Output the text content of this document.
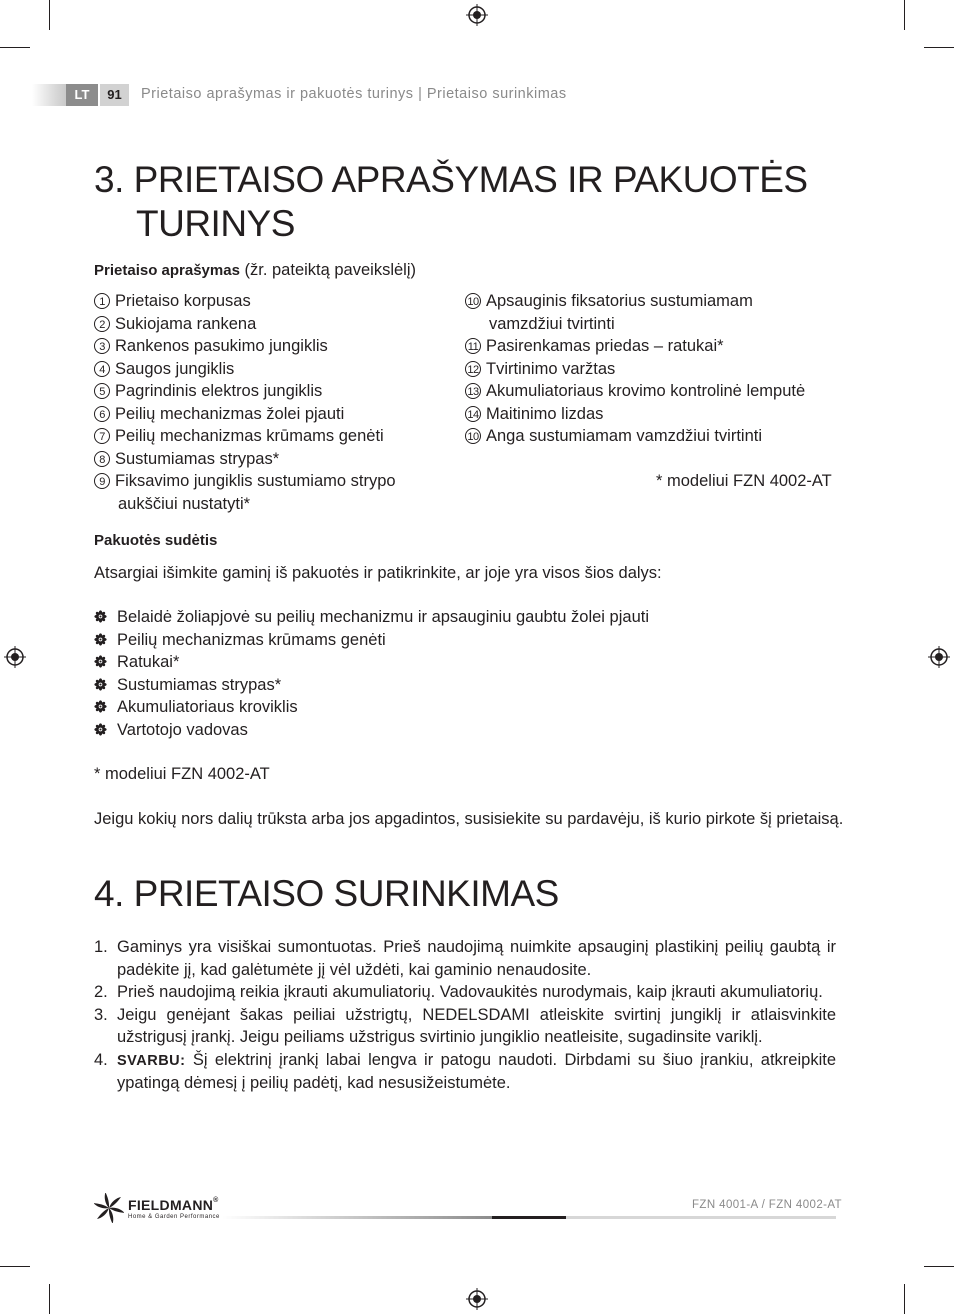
LT	91	Prietaiso aprašymas ir pakuotės turinys | Prietaiso surinkimas
3. PRIETAISO APRAŠYMAS IR PAKUOTĖS
TURINYS
Prietaiso aprašymas (žr. pateiktą paveikslėlį)
1 Prietaiso korpusas
2 Sukiojama rankena
3 Rankenos pasukimo jungiklis
4 Saugos jungiklis
5 Pagrindinis elektros jungiklis
6 Peilių mechanizmas žolei pjauti
7 Peilių mechanizmas krūmams genėti
8 Sustumiamas strypas*
9 Fiksavimo jungiklis sustumiamo strypo
aukščiui nustatyti*
10 Apsauginis fiksatorius sustumiamam
vamzdžiui tvirtinti
11 Pasirenkamas priedas – ratukai*
12 Tvirtinimo varžtas
13 Akumuliatoriaus krovimo kontrolinė lemputė
14 Maitinimo lizdas
10 Anga sustumiamam vamzdžiui tvirtinti
* modeliui FZN 4002-AT
Pakuotės sudėtis
Atsargiai išimkite gaminį iš pakuotės ir patikrinkite, ar joje yra visos šios dalys:
Belaidė žoliapjovė su peilių mechanizmu ir apsauginiu gaubtu žolei pjauti
Peilių mechanizmas krūmams genėti
Ratukai*
Sustumiamas strypas*
Akumuliatoriaus kroviklis
Vartotojo vadovas
* modeliui FZN 4002-AT
Jeigu kokių nors dalių trūksta arba jos apgadintos, susisiekite su pardavėju, iš kurio pirkote šį prietaisą.
4. PRIETAISO SURINKIMAS
1. Gaminys yra visiškai sumontuotas. Prieš naudojimą nuimkite apsauginį plastikinį peilių gaubtą ir padėkite jį, kad galėtumėte jį vėl uždėti, kai gaminio nenaudosite.
2. Prieš naudojimą reikia įkrauti akumuliatorių. Vadovaukitės nurodymais, kaip įkrauti akumuliatorių.
3. Jeigu genėjant šakas peiliai užstrigtų, NEDELSDAMI atleiskite svirtinį jungiklį ir atlaisvinkite užstrigusį įrankį. Jeigu peiliams užstrigus svirtinio jungiklio neatleisite, sugadinsite variklį.
4. SVARBU: Šį elektrinį įrankį labai lengva ir patogu naudoti. Dirbdami su šiuo įrankiu, atkreipkite ypatingą dėmesį į peilių padėtį, kad nesusižeistumėte.
FIELDMANN®
Home & Garden Performance
FZN 4001-A / FZN 4002-AT
